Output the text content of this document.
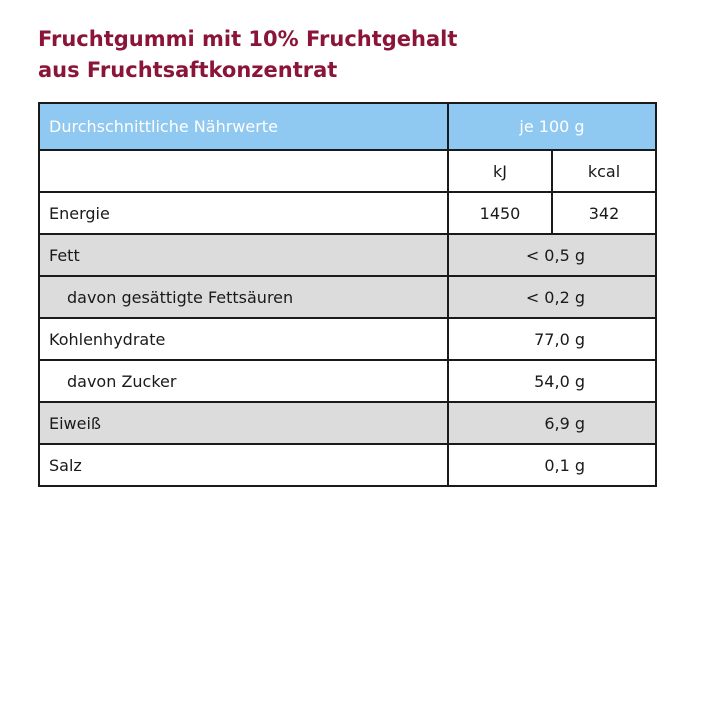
Fruchtgummi mit 10% Fruchtgehalt
aus Fruchtsaftkonzentrat
Durchschnittliche Nährwerte	je 100 g	
	kJ	kcal
Energie	1450	342
Fett	< 0,5 g	
davon gesättigte Fettsäuren	< 0,2 g	
Kohlenhydrate	77,0 g	
davon Zucker	54,0 g	
Eiweiß	6,9 g	
Salz	0,1 g	
